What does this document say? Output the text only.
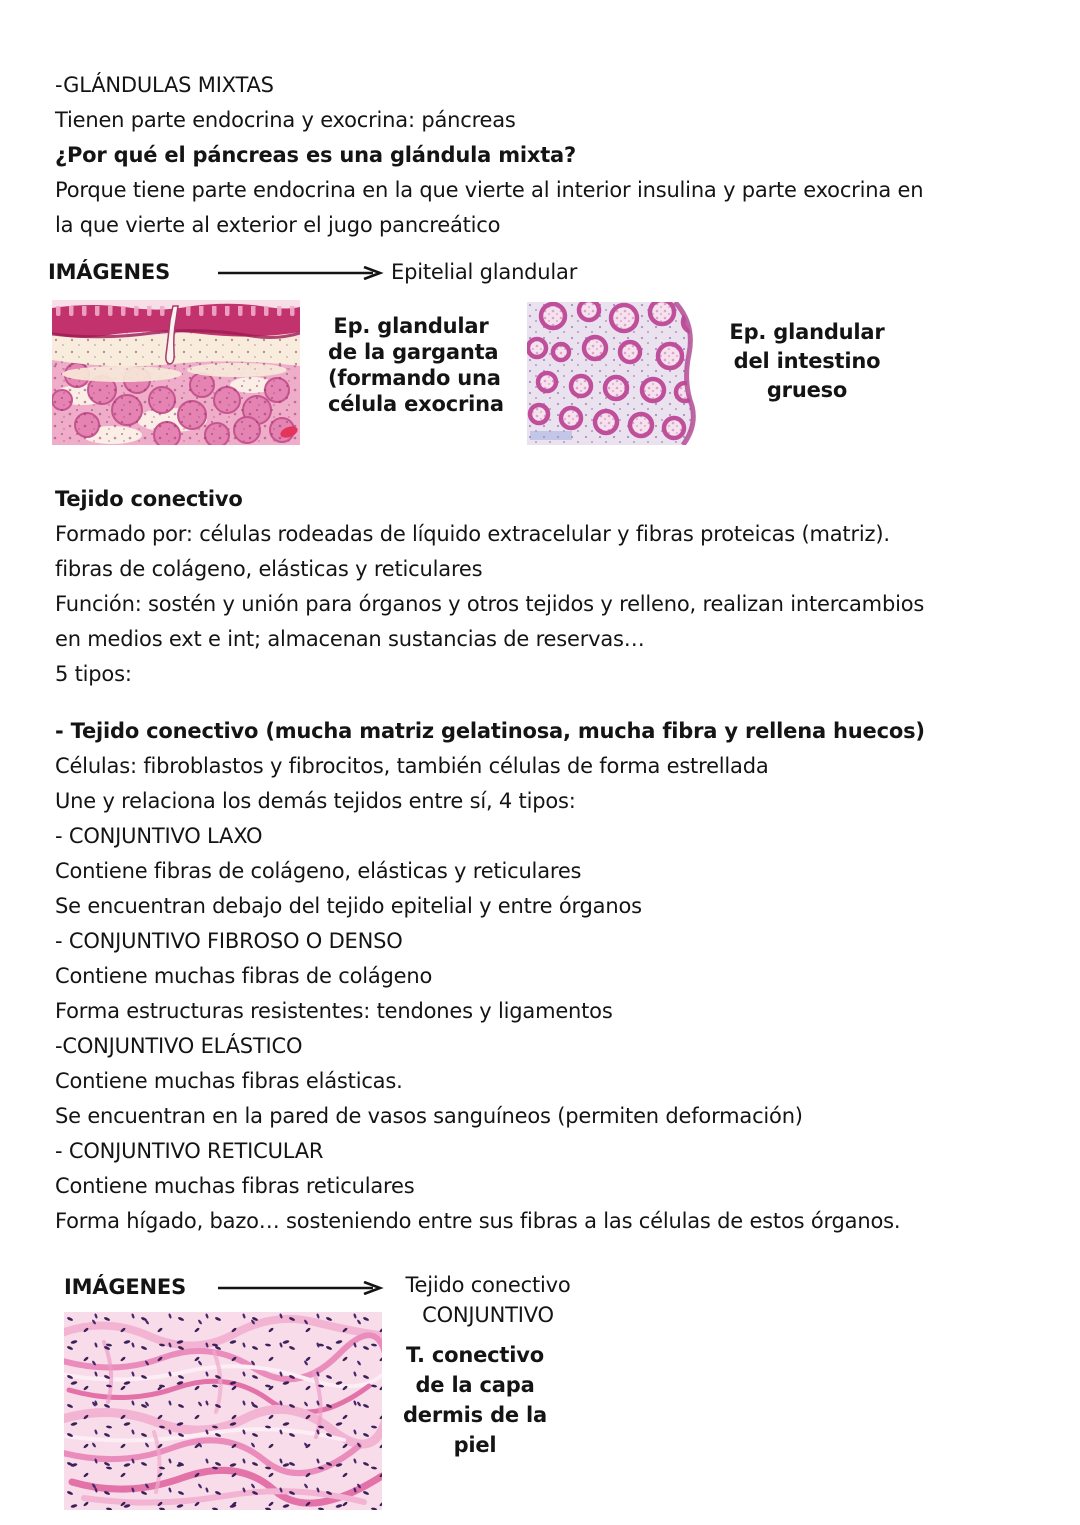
-GLÁNDULAS MIXTAS

Tienen parte endocrina y exocrina: páncreas

¿Por qué el páncreas es una glándula mixta?

Porque tiene parte endocrina en la que vierte al interior insulina y parte exocrina en

la que vierte al exterior el jugo pancreático

IMÁGENES	Epitelial glandular

Ep. glandular

de la garganta

(formando una

célula exocrina

Ep. glandular

del intestino

grueso

Tejido conectivo

Formado por: células rodeadas de líquido extracelular y fibras proteicas (matriz).

fibras de colágeno, elásticas y reticulares

Función: sostén y unión para órganos y otros tejidos y relleno, realizan intercambios

en medios ext e int; almacenan sustancias de reservas…

5 tipos:

- Tejido conectivo (mucha matriz gelatinosa, mucha fibra y rellena huecos)

Células: fibroblastos y fibrocitos, también células de forma estrellada

Une y relaciona los demás tejidos entre sí, 4 tipos:

- CONJUNTIVO LAXO

Contiene fibras de colágeno, elásticas y reticulares

Se encuentran debajo del tejido epitelial y entre órganos

- CONJUNTIVO FIBROSO O DENSO

Contiene muchas fibras de colágeno

Forma estructuras resistentes: tendones y ligamentos

-CONJUNTIVO ELÁSTICO

Contiene muchas fibras elásticas.

Se encuentran en la pared de vasos sanguíneos (permiten deformación)

- CONJUNTIVO RETICULAR

Contiene muchas fibras reticulares

Forma hígado, bazo… sosteniendo entre sus fibras a las células de estos órganos.

IMÁGENES	Tejido conectivo

CONJUNTIVO

T. conectivo

de la capa

dermis de la

piel
